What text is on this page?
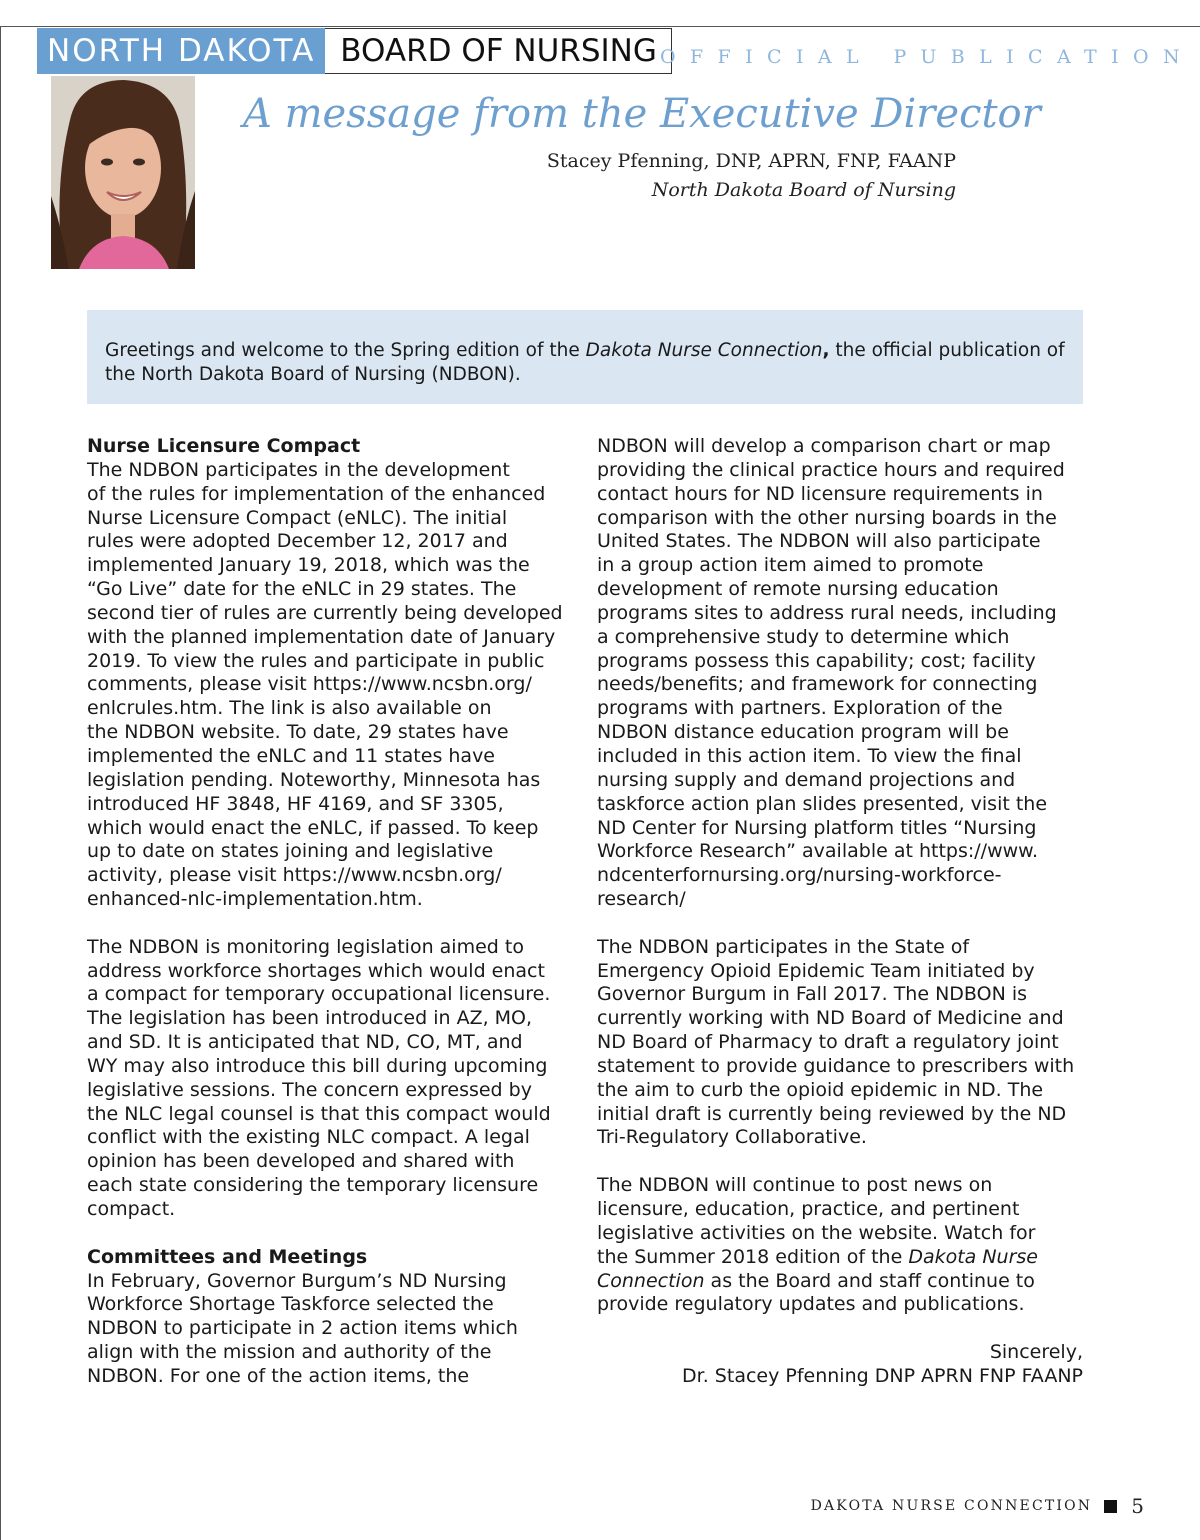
NORTH DAKOTA BOARD OF NURSING OFFICIAL PUBLICATION
A message from the Executive Director
Stacey Pfenning, DNP, APRN, FNP, FAANP
North Dakota Board of Nursing
Greetings and welcome to the Spring edition of the Dakota Nurse Connection, the official publication of the North Dakota Board of Nursing (NDBON).
Nurse Licensure Compact

The NDBON participates in the development
of the rules for implementation of the enhanced
Nurse Licensure Compact (eNLC). The initial
rules were adopted December 12, 2017 and
implemented January 19, 2018, which was the
“Go Live” date for the eNLC in 29 states. The
second tier of rules are currently being developed
with the planned implementation date of January
2019. To view the rules and participate in public
comments, please visit https://www.ncsbn.org/
enlcrules.htm. The link is also available on
the NDBON website. To date, 29 states have
implemented the eNLC and 11 states have
legislation pending. Noteworthy, Minnesota has
introduced HF 3848, HF 4169, and SF 3305,
which would enact the eNLC, if passed. To keep
up to date on states joining and legislative
activity, please visit https://www.ncsbn.org/
enhanced-nlc-implementation.htm.

The NDBON is monitoring legislation aimed to
address workforce shortages which would enact
a compact for temporary occupational licensure.
The legislation has been introduced in AZ, MO,
and SD. It is anticipated that ND, CO, MT, and
WY may also introduce this bill during upcoming
legislative sessions. The concern expressed by
the NLC legal counsel is that this compact would
conflict with the existing NLC compact. A legal
opinion has been developed and shared with
each state considering the temporary licensure
compact.

Committees and Meetings

In February, Governor Burgum’s ND Nursing
Workforce Shortage Taskforce selected the
NDBON to participate in 2 action items which
align with the mission and authority of the
NDBON. For one of the action items, the

NDBON will develop a comparison chart or map
providing the clinical practice hours and required
contact hours for ND licensure requirements in
comparison with the other nursing boards in the
United States. The NDBON will also participate
in a group action item aimed to promote
development of remote nursing education
programs sites to address rural needs, including
a comprehensive study to determine which
programs possess this capability; cost; facility
needs/benefits; and framework for connecting
programs with partners. Exploration of the
NDBON distance education program will be
included in this action item. To view the final
nursing supply and demand projections and
taskforce action plan slides presented, visit the
ND Center for Nursing platform titles “Nursing
Workforce Research” available at https://www.
ndcenterfornursing.org/nursing-workforce-
research/

The NDBON participates in the State of
Emergency Opioid Epidemic Team initiated by
Governor Burgum in Fall 2017. The NDBON is
currently working with ND Board of Medicine and
ND Board of Pharmacy to draft a regulatory joint
statement to provide guidance to prescribers with
the aim to curb the opioid epidemic in ND. The
initial draft is currently being reviewed by the ND
Tri-Regulatory Collaborative.

The NDBON will continue to post news on
licensure, education, practice, and pertinent
legislative activities on the website. Watch for
the Summer 2018 edition of the Dakota Nurse
Connection as the Board and staff continue to
provide regulatory updates and publications.

Sincerely,

Dr. Stacey Pfenning DNP APRN FNP FAANP

DAKOTA NURSE CONNECTION 5
